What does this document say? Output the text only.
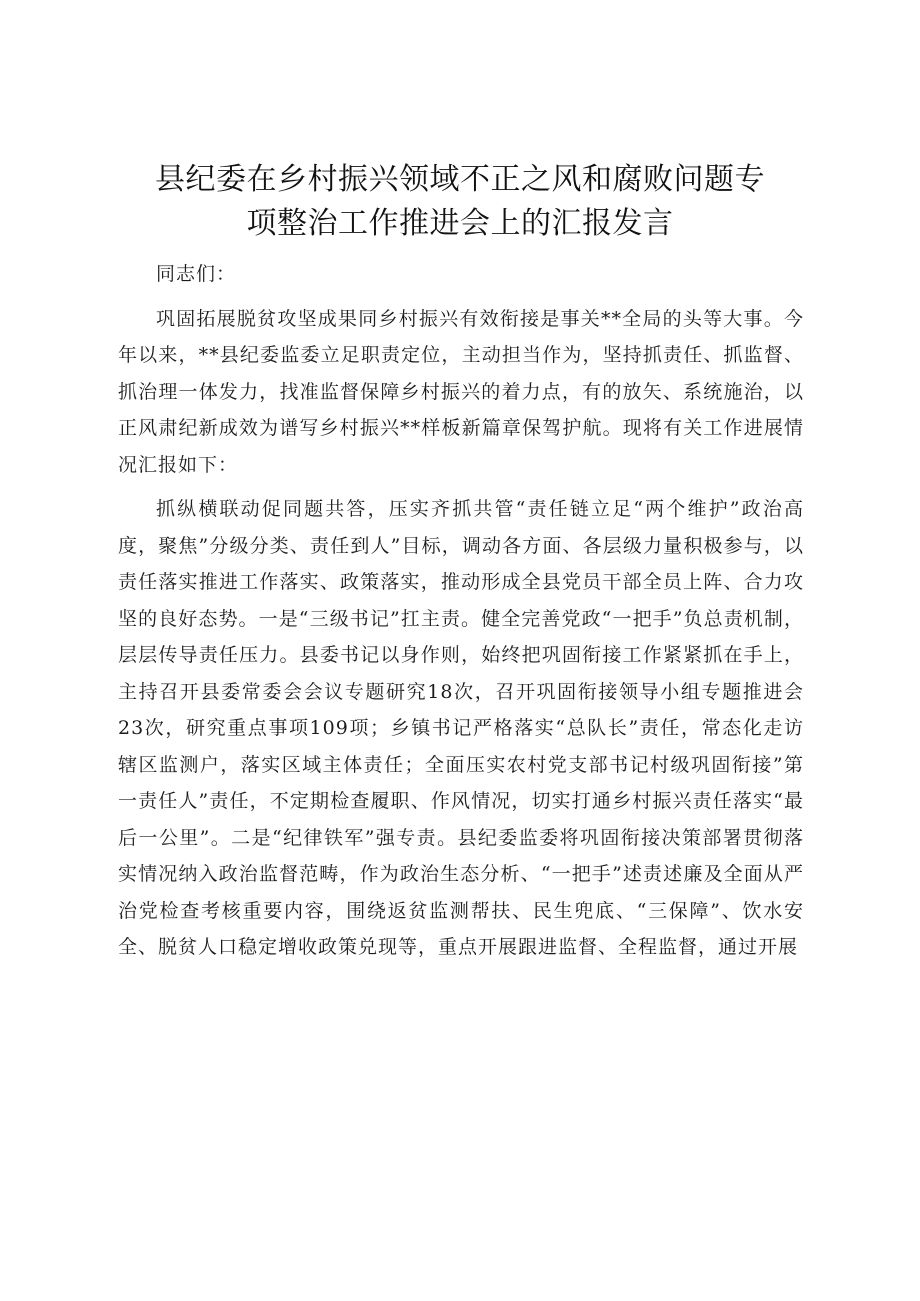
县纪委在乡村振兴领域不正之风和腐败问题专
项整治工作推进会上的汇报发言

同志们：

巩固拓展脱贫攻坚成果同乡村振兴有效衔接是事关**全局的头等大事。今年以来，**县纪委监委立足职责定位，主动担当作为，坚持抓责任、抓监督、抓治理一体发力，找准监督保障乡村振兴的着力点，有的放矢、系统施治，以正风肃纪新成效为谱写乡村振兴**样板新篇章保驾护航。现将有关工作进展情况汇报如下：

抓纵横联动促同题共答，压实齐抓共管“责任链立足“两个维护”政治高度，聚焦”分级分类、责任到人”目标，调动各方面、各层级力量积极参与，以责任落实推进工作落实、政策落实，推动形成全县党员干部全员上阵、合力攻坚的良好态势。一是“三级书记”扛主责。健全完善党政“一把手”负总责机制，层层传导责任压力。县委书记以身作则，始终把巩固衔接工作紧紧抓在手上，主持召开县委常委会会议专题研究18次，召开巩固衔接领导小组专题推进会23次，研究重点事项109项；乡镇书记严格落实“总队长”责任，常态化走访辖区监测户，落实区域主体责任；全面压实农村党支部书记村级巩固衔接”第一责任人”责任，不定期检查履职、作风情况，切实打通乡村振兴责任落实“最后一公里”。二是“纪律铁军”强专责。县纪委监委将巩固衔接决策部署贯彻落实情况纳入政治监督范畴，作为政治生态分析、“一把手”述责述廉及全面从严治党检查考核重要内容，围绕返贫监测帮扶、民生兜底、“三保障”、饮水安全、脱贫人口稳定增收政策兑现等，重点开展跟进监督、全程监督，通过开展
